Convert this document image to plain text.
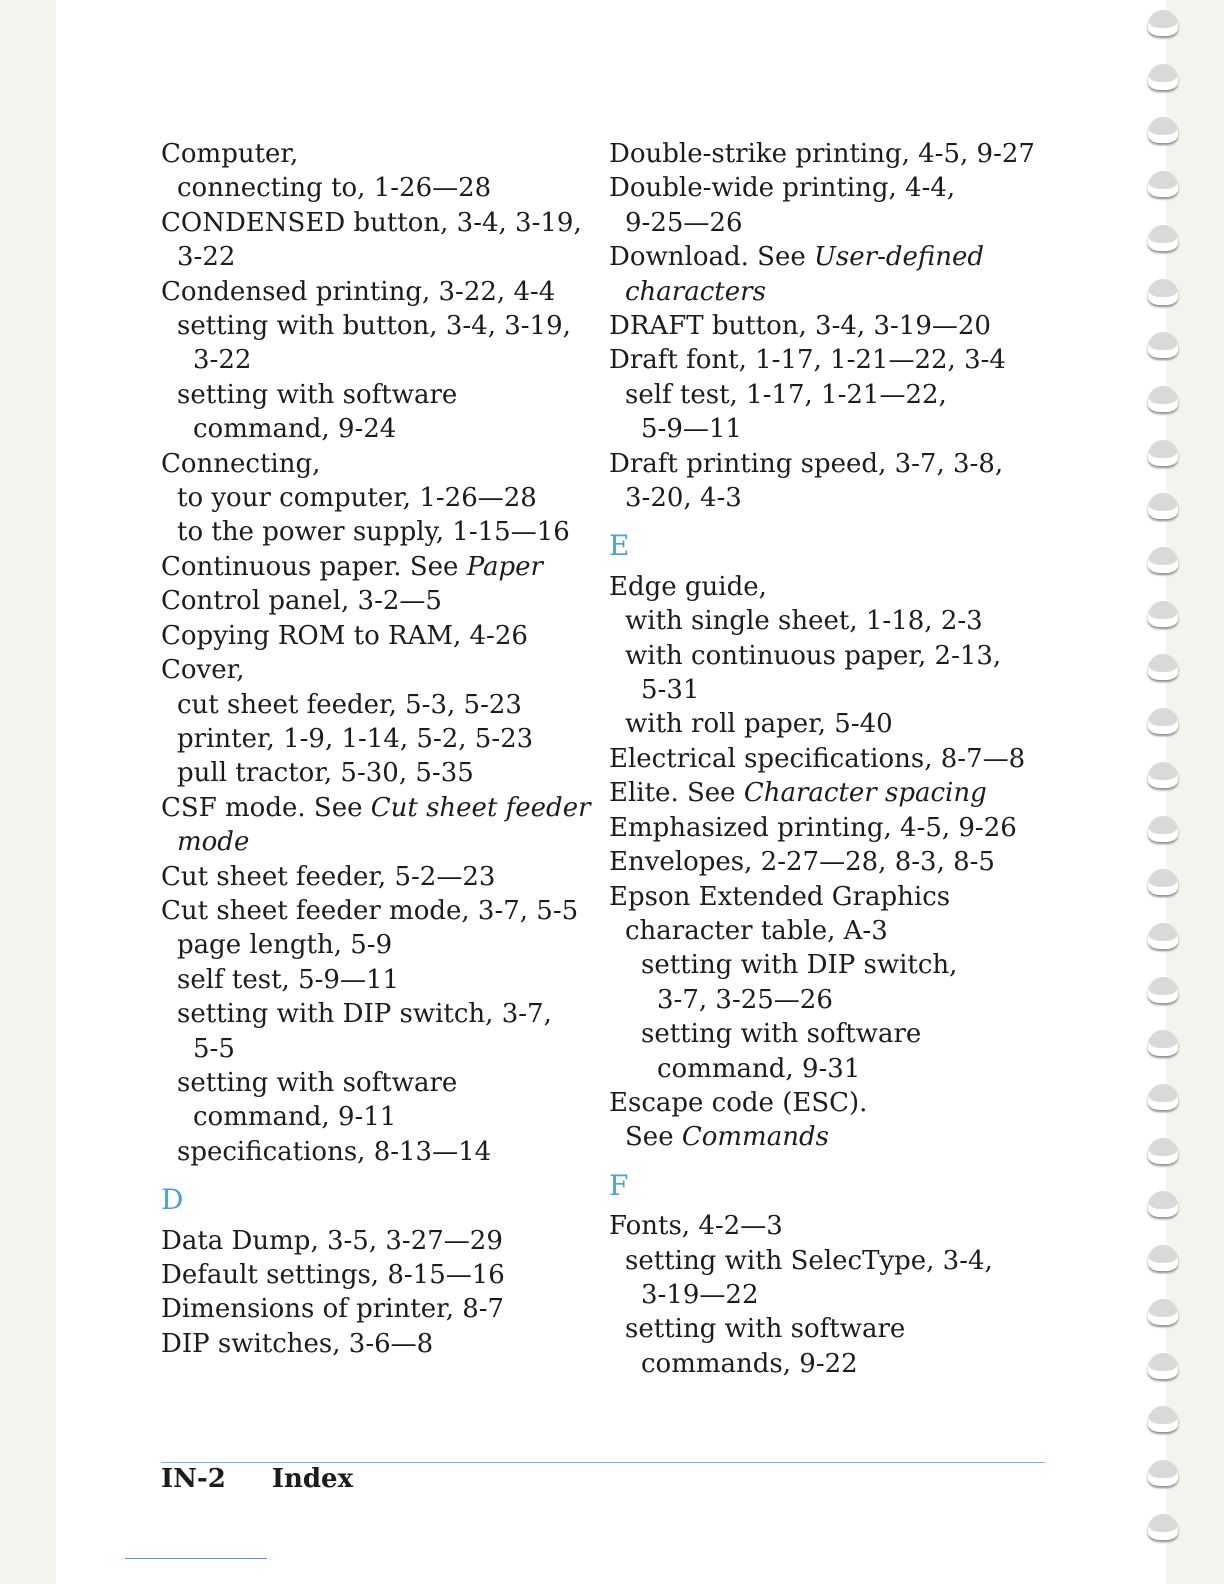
Computer,
connecting to, 1-26—28
CONDENSED button, 3-4, 3-19,
3-22
Condensed printing, 3-22, 4-4
setting with button, 3-4, 3-19,
3-22
setting with software
command, 9-24
Connecting,
to your computer, 1-26—28
to the power supply, 1-15—16
Continuous paper. See Paper
Control panel, 3-2—5
Copying ROM to RAM, 4-26
Cover,
cut sheet feeder, 5-3, 5-23
printer, 1-9, 1-14, 5-2, 5-23
pull tractor, 5-30, 5-35
CSF mode. See Cut sheet feeder
mode
Cut sheet feeder, 5-2—23
Cut sheet feeder mode, 3-7, 5-5
page length, 5-9
self test, 5-9—11
setting with DIP switch, 3-7,
5-5
setting with software
command, 9-11
specifications, 8-13—14
D
Data Dump, 3-5, 3-27—29
Default settings, 8-15—16
Dimensions of printer, 8-7
DIP switches, 3-6—8
Double-strike printing, 4-5, 9-27
Double-wide printing, 4-4,
9-25—26
Download. See User-defined
characters
DRAFT button, 3-4, 3-19—20
Draft font, 1-17, 1-21—22, 3-4
self test, 1-17, 1-21—22,
5-9—11
Draft printing speed, 3-7, 3-8,
3-20, 4-3
E
Edge guide,
with single sheet, 1-18, 2-3
with continuous paper, 2-13,
5-31
with roll paper, 5-40
Electrical specifications, 8-7—8
Elite. See Character spacing
Emphasized printing, 4-5, 9-26
Envelopes, 2-27—28, 8-3, 8-5
Epson Extended Graphics
character table, A-3
setting with DIP switch,
3-7, 3-25—26
setting with software
command, 9-31
Escape code (ESC).
See Commands
F
Fonts, 4-2—3
setting with SelecType, 3-4,
3-19—22
setting with software
commands, 9-22
IN-2 Index
